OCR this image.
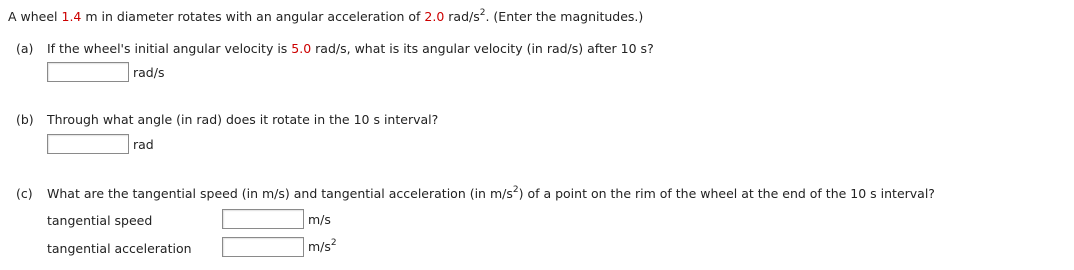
A wheel 1.4 m in diameter rotates with an angular acceleration of 2.0 rad/$s^2$. (Enter the magnitudes.)
(a) If the wheel's initial angular velocity is 5.0 rad/s, what is its angular velocity (in rad/s) after 10 s?
rad/s
(b) Through what angle (in rad) does it rotate in the 10 s interval?
rad
(c) What are the tangential speed (in m/s) and tangential acceleration (in $m/s^2$) of a point on the rim of the wheel at the end of the 10 s interval?
tangential speed	m/s
tangential acceleration	$m/s^2$
